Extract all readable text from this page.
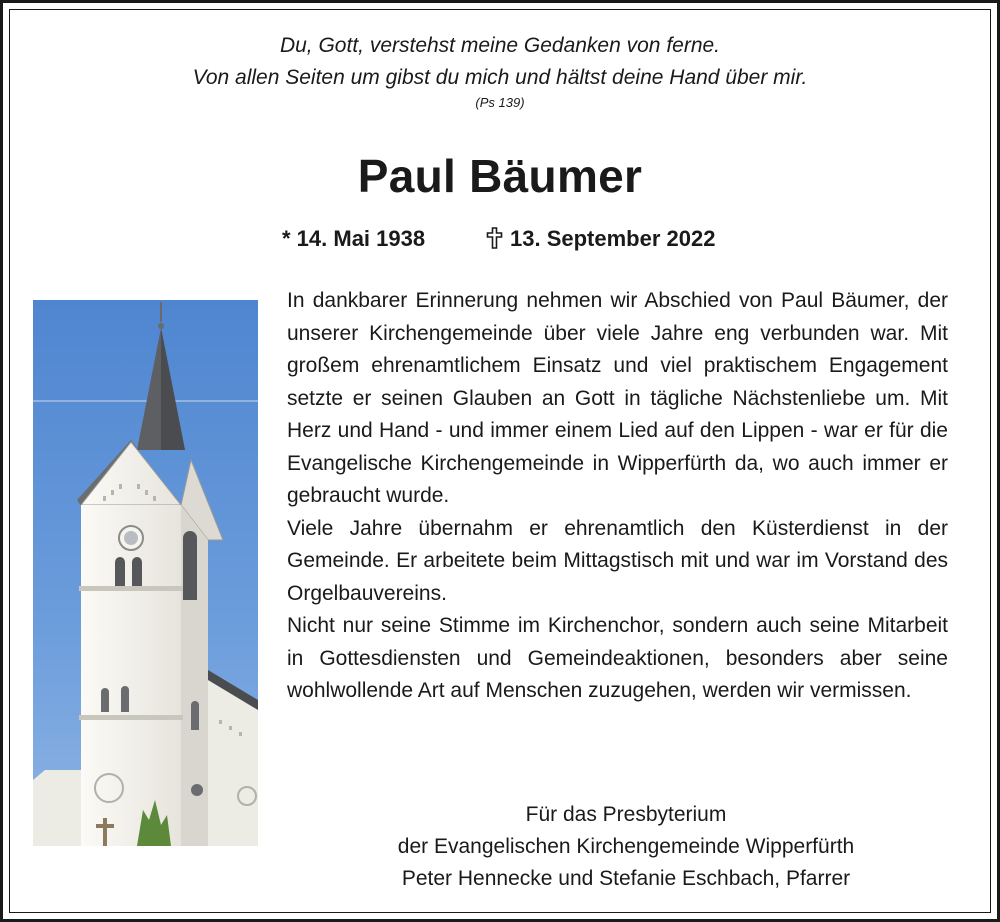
Du, Gott, verstehst meine Gedanken von ferne.
Von allen Seiten um gibst du mich und hältst deine Hand über mir.
(Ps 139)
Paul Bäumer
* 14. Mai 1938	13. September 2022

In dankbarer Erinnerung nehmen wir Abschied von Paul Bäumer, der unserer Kirchengemeinde über viele Jahre eng verbunden war. Mit großem ehrenamtlichem Einsatz und viel praktischem Engagement setzte er seinen Glauben an Gott in tägliche Nächstenliebe um. Mit Herz und Hand - und immer einem Lied auf den Lippen - war er für die Evangelische Kirchengemeinde in Wipperfürth da, wo auch immer er gebraucht wurde.

Viele Jahre übernahm er ehrenamtlich den Küsterdienst in der Gemeinde. Er arbeitete beim Mittagstisch mit und war im Vorstand des Orgelbauvereins.

Nicht nur seine Stimme im Kirchenchor, sondern auch seine Mitarbeit in Gottesdiensten und Gemeindeaktionen, besonders aber seine wohlwollende Art auf Menschen zuzugehen, werden wir vermissen.

Für das Presbyterium
der Evangelischen Kirchengemeinde Wipperfürth
Peter Hennecke und Stefanie Eschbach, Pfarrer
